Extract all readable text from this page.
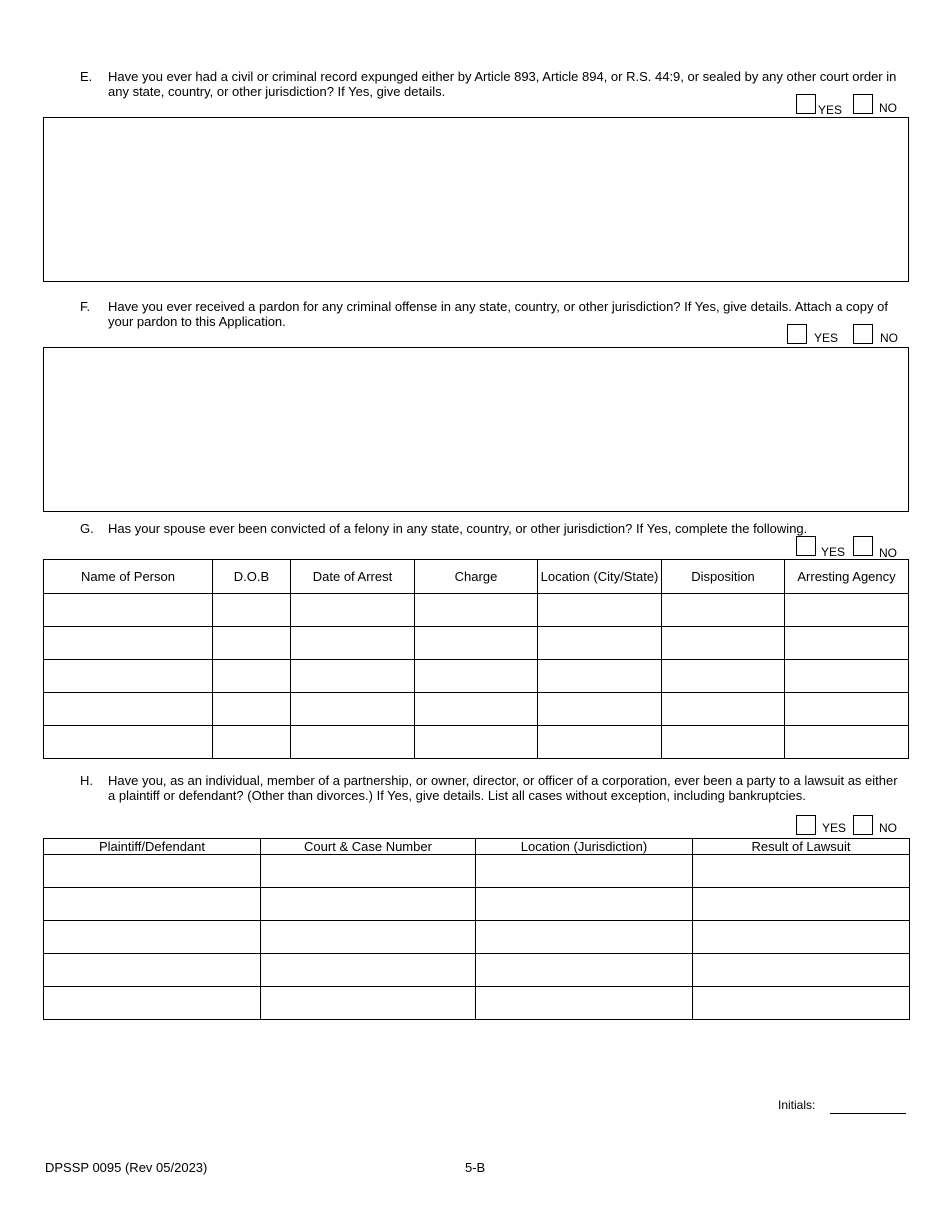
E. Have you ever had a civil or criminal record expunged either by Article 893, Article 894, or R.S. 44:9, or sealed by any other court order in any state, country, or other jurisdiction? If Yes, give details.
YES	NO
F. Have you ever received a pardon for any criminal offense in any state, country, or other jurisdiction? If Yes, give details. Attach a copy of your pardon to this Application.
YES	NO
G. Has your spouse ever been convicted of a felony in any state, country, or other jurisdiction? If Yes, complete the following.
YES	NO
Name of Person	D.O.B	Date of Arrest	Charge	Location (City/State)	Disposition	Arresting Agency

H. Have you, as an individual, member of a partnership, or owner, director, or officer of a corporation, ever been a party to a lawsuit as either a plaintiff or defendant? (Other than divorces.) If Yes, give details. List all cases without exception, including bankruptcies.
YES	NO
Plaintiff/Defendant	Court & Case Number	Location (Jurisdiction)	Result of Lawsuit

Initials:
DPSSP 0095 (Rev 05/2023)	5-B
